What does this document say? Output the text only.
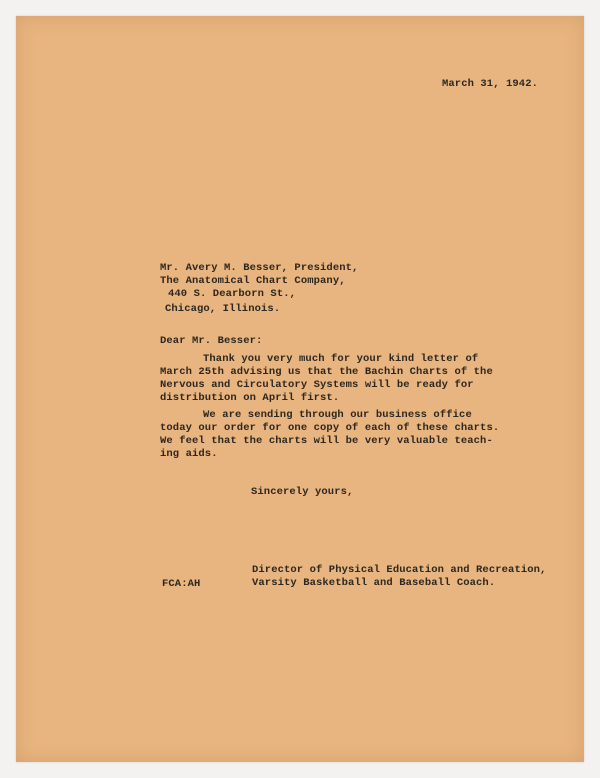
March 31, 1942.
Mr. Avery M. Besser, President,
The Anatomical Chart Company,
440 S. Dearborn St.,
Chicago, Illinois.
Dear Mr. Besser:
Thank you very much for your kind letter of
March 25th advising us that the Bachin Charts of the
Nervous and Circulatory Systems will be ready for
distribution on April first.
We are sending through our business office
today our order for one copy of each of these charts.
We feel that the charts will be very valuable teach-
ing aids.
Sincerely yours,
Director of Physical Education and Recreation,
Varsity Basketball and Baseball Coach.
FCA:AH
